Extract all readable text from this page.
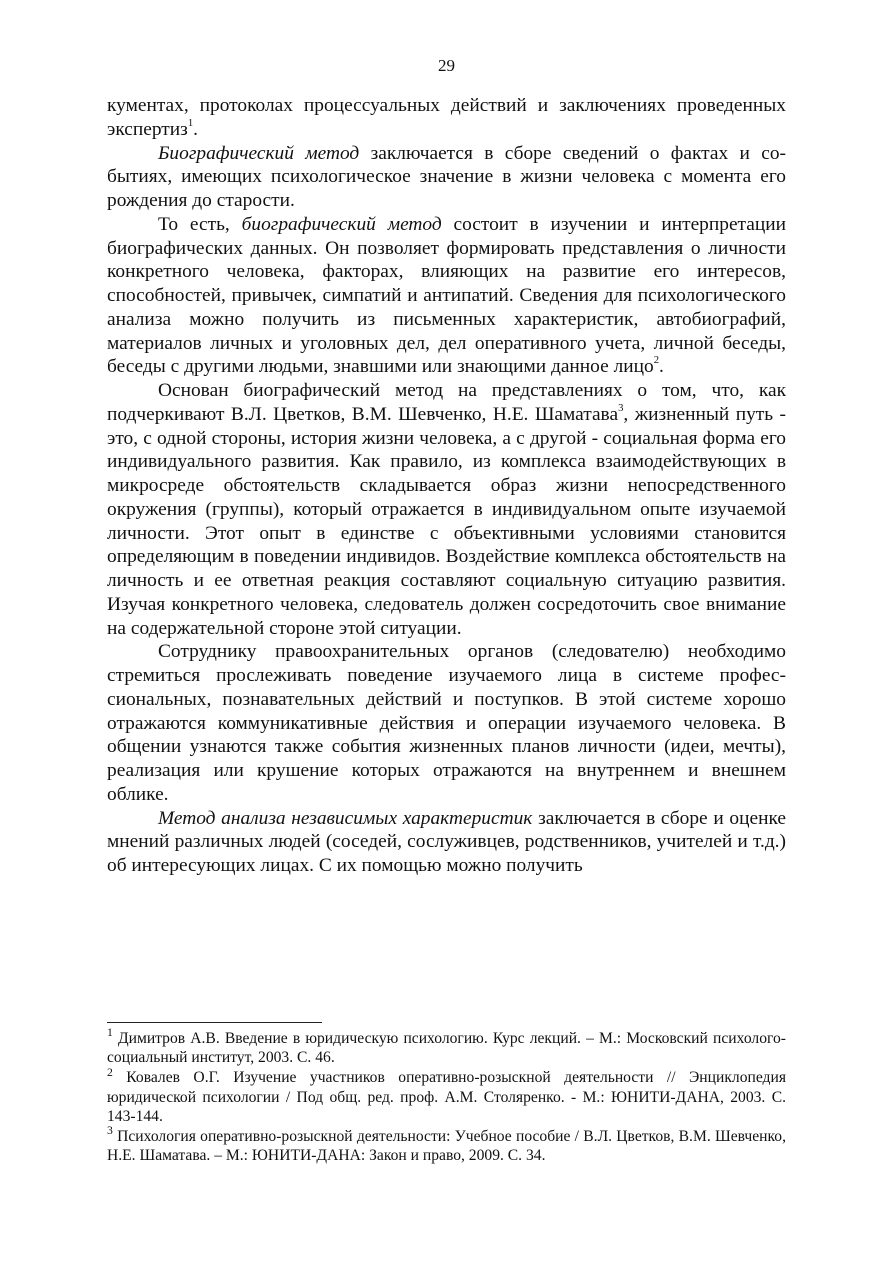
29

кументах, протоколах процессуальных действий и заключениях проведенных экспертиз$^1$.

Биографический метод заключается в сборе сведений о фактах и событиях, имеющих психологическое значение в жизни человека с момента его рождения до старости.

То есть, биографический метод состоит в изучении и интерпретации биографических данных. Он позволяет формировать представления о личности конкретного человека, факторах, влияющих на развитие его интересов, способностей, привычек, симпатий и антипатий. Сведения для психологического анализа можно получить из письменных характеристик, автобиографий, материалов личных и уголовных дел, дел оперативного учета, личной беседы, беседы с другими людьми, знавшими или знающими данное лицо$^2$.

Основан биографический метод на представлениях о том, что, как подчеркивают В.Л. Цветков, В.М. Шевченко, Н.Е. Шаматава$^3$, жизненный путь - это, с одной стороны, история жизни человека, а с другой - социальная форма его индивидуального развития. Как правило, из комплекса взаимодействующих в микросреде обстоятельств складывается образ жизни непосредственного окружения (группы), который отражается в индивидуальном опыте изучаемой личности. Этот опыт в единстве с объективными условиями становится определяющим в поведении индивидов. Воздействие комплекса обстоятельств на личность и ее ответная реакция составляют социальную ситуацию развития. Изучая конкретного человека, следователь должен сосредоточить свое внимание на содержательной стороне этой ситуации.

Сотруднику правоохранительных органов (следователю) необходимо стремиться прослеживать поведение изучаемого лица в системе профессиональных, познавательных действий и поступков. В этой системе хорошо отражаются коммуникативные действия и операции изучаемого человека. В общении узнаются также события жизненных планов личности (идеи, мечты), реализация или крушение которых отражаются на внутреннем и внешнем облике.

Метод анализа независимых характеристик заключается в сборе и оценке мнений различных людей (соседей, сослуживцев, родственников, учителей и т.д.) об интересующих лицах. С их помощью можно получить

$^1$ Димитров А.В. Введение в юридическую психологию. Курс лекций. – М.: Московский психолого-социальный институт, 2003. С. 46.
$^2$ Ковалев О.Г. Изучение участников оперативно-розыскной деятельности // Энциклопедия юридической психологии / Под общ. ред. проф. А.М. Столяренко. - М.: ЮНИТИ-ДАНА, 2003. С. 143-144.
$^3$ Психология оперативно-розыскной деятельности: Учебное пособие / В.Л. Цветков, В.М. Шевченко, Н.Е. Шаматава. – М.: ЮНИТИ-ДАНА: Закон и право, 2009. С. 34.
